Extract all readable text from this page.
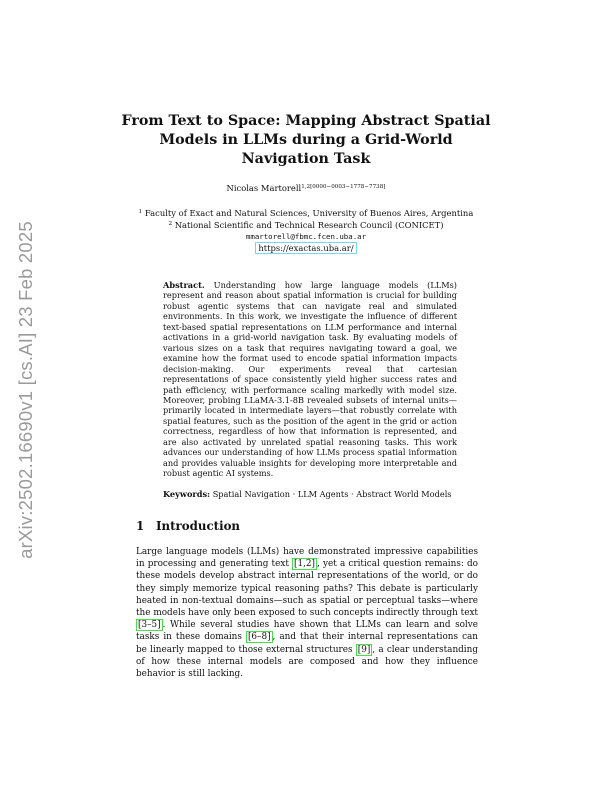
arXiv:2502.16690v1 [cs.AI] 23 Feb 2025
From Text to Space: Mapping Abstract Spatial Models in LLMs during a Grid-World Navigation Task
Nicolas Martorell$^{1,2[0000-0003-1778-7738]}$
$^1$ Faculty of Exact and Natural Sciences, University of Buenos Aires, Argentina
$^2$ National Scientific and Technical Research Council (CONICET)
mmartorell@fbmc.fcen.uba.ar
https://exactas.uba.ar/

Abstract. Understanding how large language models (LLMs) represent and reason about spatial information is crucial for building robust agentic systems that can navigate real and simulated environments. In this work, we investigate the influence of different text-based spatial representations on LLM performance and internal activations in a grid-world navigation task. By evaluating models of various sizes on a task that requires navigating toward a goal, we examine how the format used to encode spatial information impacts decision-making. Our experiments reveal that cartesian representations of space consistently yield higher success rates and path efficiency, with performance scaling markedly with model size. Moreover, probing LLaMA-3.1-8B revealed subsets of internal units—primarily located in intermediate layers—that robustly correlate with spatial features, such as the position of the agent in the grid or action correctness, regardless of how that information is represented, and are also activated by unrelated spatial reasoning tasks. This work advances our understanding of how LLMs process spatial information and provides valuable insights for developing more interpretable and robust agentic AI systems.

Keywords: Spatial Navigation · LLM Agents · Abstract World Models
1 Introduction

Large language models (LLMs) have demonstrated impressive capabilities in processing and generating text [1,2] , yet a critical question remains: do these models develop abstract internal representations of the world, or do they simply memorize typical reasoning paths? This debate is particularly heated in non-textual domains—such as spatial or perceptual tasks—where the models have only been exposed to such concepts indirectly through text [3–5] . While several studies have shown that LLMs can learn and solve tasks in these domains [6–8] , and that their internal representations can be linearly mapped to those external structures [9] , a clear understanding of how these internal models are composed and how they influence behavior is still lacking.
